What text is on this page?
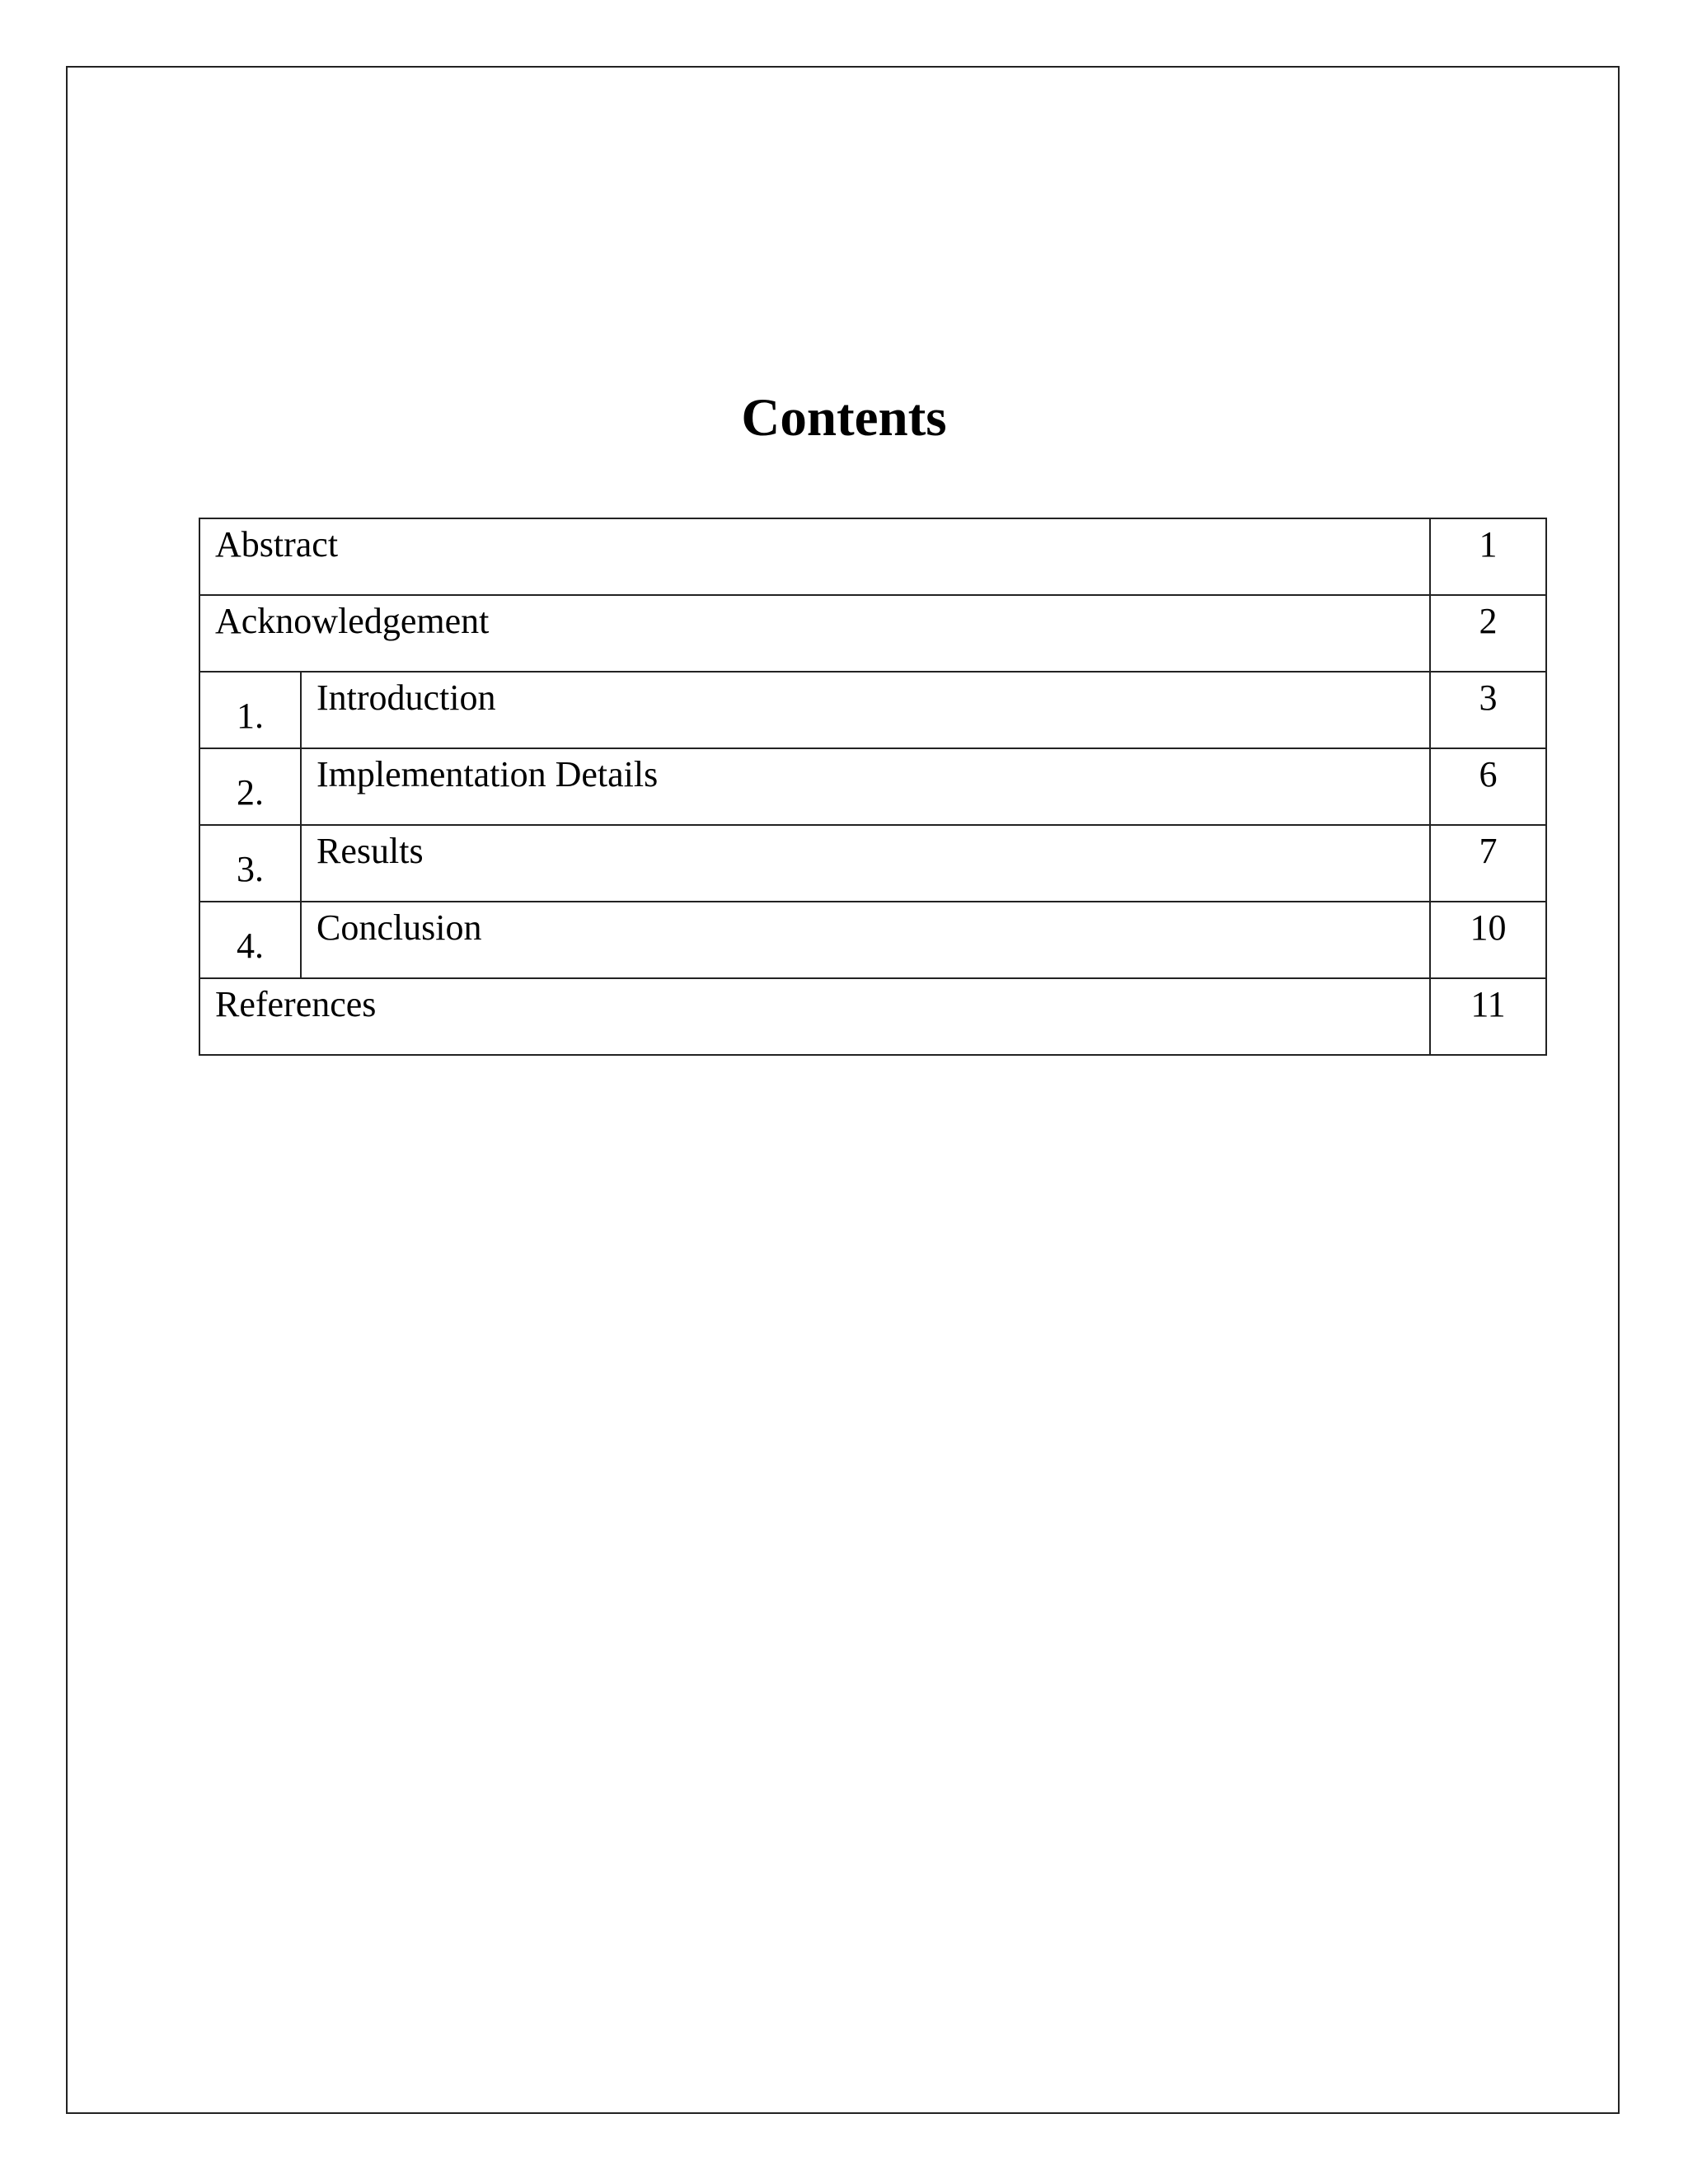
Contents
Abstract		1

Acknowledgement		2

1.	Introduction	3

2.	Implementation Details	6

3.	Results	7

4.	Conclusion	10

References		11
